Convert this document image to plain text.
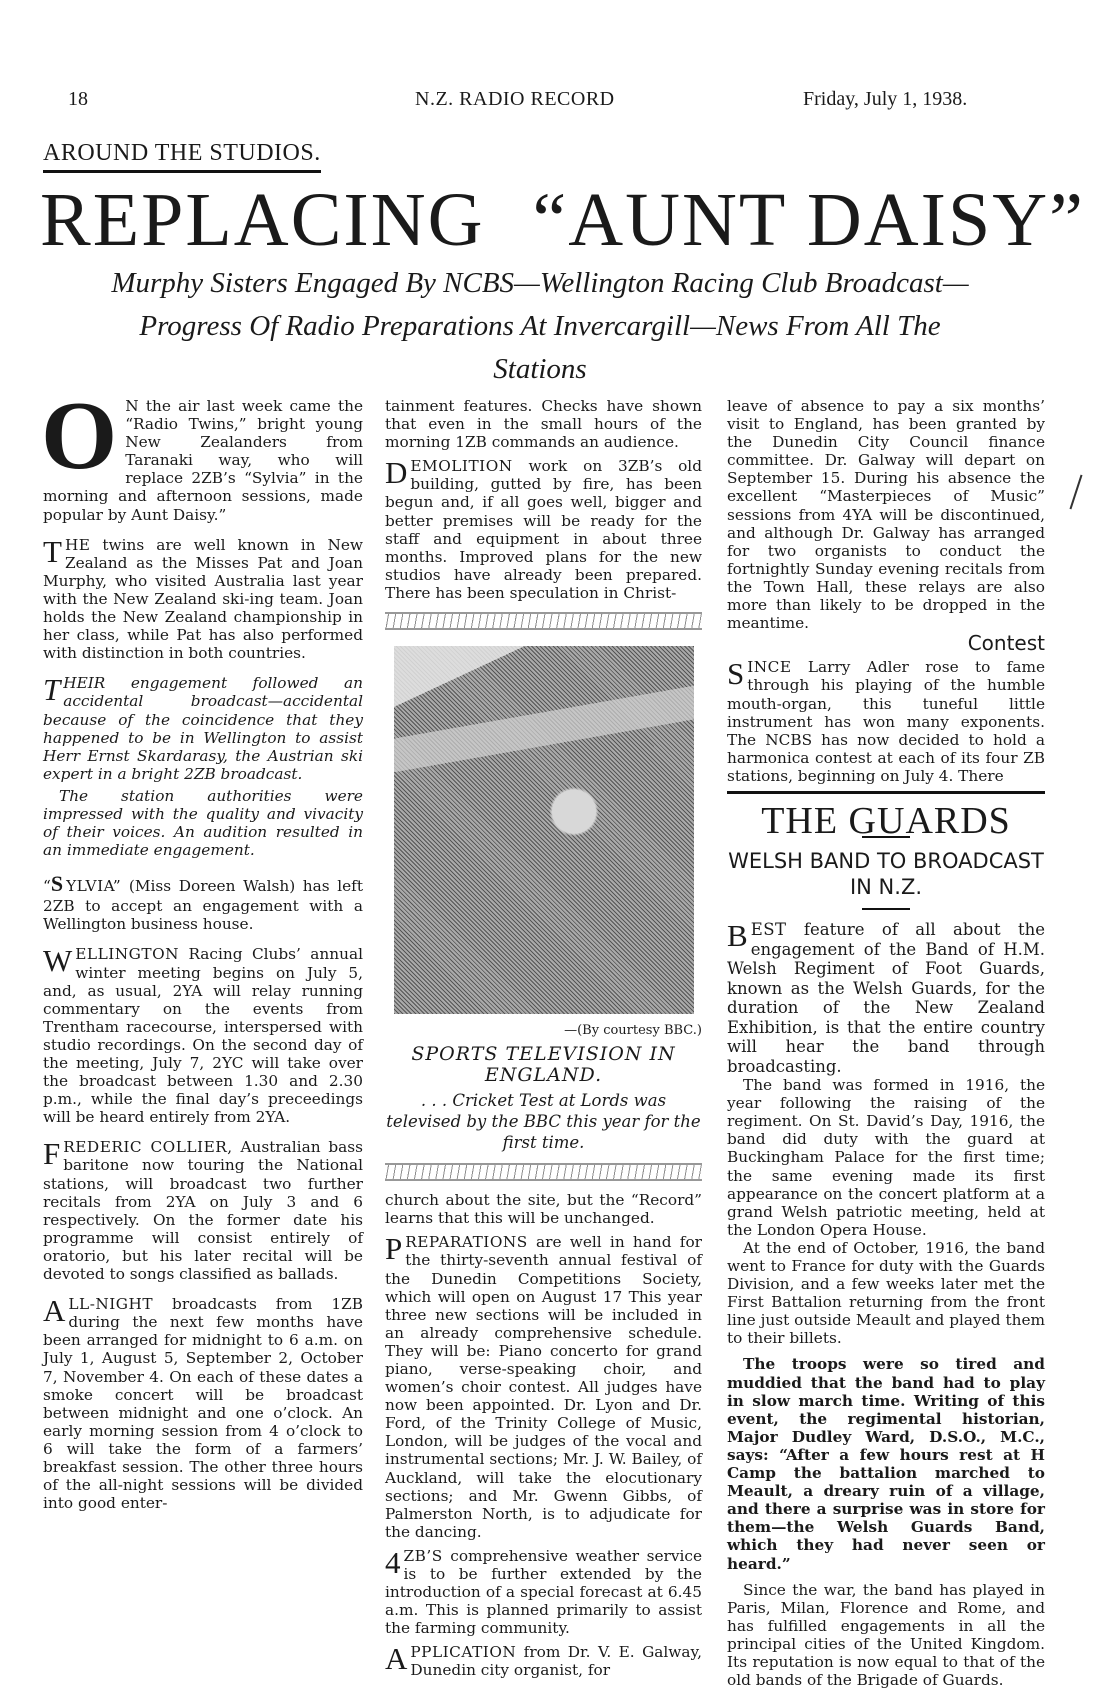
18	N.Z. RADIO RECORD	Friday, July 1, 1938.
AROUND THE STUDIOS.
REPLACING “AUNT DAISY”
Murphy Sisters Engaged By NCBS—Wellington Racing Club Broadcast—Progress Of Radio Preparations At Invercargill—News From All The Stations

O N the air last week came the “Radio Twins,” bright young New Zealanders from Taranaki way, who will replace 2ZB’s “Sylvia” in the morning and afternoon sessions, made popular by Aunt Daisy.”

THE twins are well known in New Zealand as the Misses Pat and Joan Murphy, who visited Australia last year with the New Zealand ski-ing team. Joan holds the New Zealand championship in her class, while Pat has also performed with distinction in both countries.

THEIR engagement followed an accidental broadcast—accidental because of the coincidence that they happened to be in Wellington to assist Herr Ernst Skardarasy, the Austrian ski expert in a bright 2ZB broadcast.

The station authorities were impressed with the quality and vivacity of their voices. An audition resulted in an immediate engagement.

“S YLVIA” (Miss Doreen Walsh) has left 2ZB to accept an engagement with a Wellington business house.

WELLINGTON Racing Clubs’ annual winter meeting begins on July 5, and, as usual, 2YA will relay running commentary on the events from Trentham racecourse, interspersed with studio recordings. On the second day of the meeting, July 7, 2YC will take over the broadcast between 1.30 and 2.30 p.m., while the final day’s preceedings will be heard entirely from 2YA.

FREDERIC COLLIER, Australian bass baritone now touring the National stations, will broadcast two further recitals from 2YA on July 3 and 6 respectively. On the former date his programme will consist entirely of oratorio, but his later recital will be devoted to songs classified as ballads.

ALL-NIGHT broadcasts from 1ZB during the next few months have been arranged for midnight to 6 a.m. on July 1, August 5, September 2, October 7, November 4. On each of these dates a smoke concert will be broadcast between midnight and one o’clock. An early morning session from 4 o’clock to 6 will take the form of a farmers’ breakfast session. The other three hours of the all-night sessions will be divided into good enter-

tainment features. Checks have shown that even in the small hours of the morning 1ZB commands an audience.

DEMOLITION work on 3ZB’s old building, gutted by fire, has been begun and, if all goes well, bigger and better premises will be ready for the staff and equipment in about three months. Improved plans for the new studios have already been prepared. There has been speculation in Christ-

—(By courtesy BBC.)
SPORTS TELEVISION IN ENGLAND.
. . . Cricket Test at Lords was televised by the BBC this year for the first time.

church about the site, but the “Record” learns that this will be unchanged.

PREPARATIONS are well in hand for the thirty-seventh annual festival of the Dunedin Competitions Society, which will open on August 17 This year three new sections will be included in an already comprehensive schedule. They will be: Piano concerto for grand piano, verse-speaking choir, and women’s choir contest. All judges have now been appointed. Dr. Lyon and Dr. Ford, of the Trinity College of Music, London, will be judges of the vocal and instrumental sections; Mr. J. W. Bailey, of Auckland, will take the elocutionary sections; and Mr. Gwenn Gibbs, of Palmerston North, is to adjudicate for the dancing.

4 ZB’S comprehensive weather service is to be further extended by the introduction of a special forecast at 6.45 a.m. This is planned primarily to assist the farming community.

APPLICATION from Dr. V. E. Galway, Dunedin city organist, for

leave of absence to pay a six months’ visit to England, has been granted by the Dunedin City Council finance committee. Dr. Galway will depart on September 15. During his absence the excellent “Masterpieces of Music” sessions from 4YA will be discontinued, and although Dr. Galway has arranged for two organists to conduct the fortnightly Sunday evening recitals from the Town Hall, these relays are also more than likely to be dropped in the meantime.

Contest

SINCE Larry Adler rose to fame through his playing of the humble mouth-organ, this tuneful little instrument has won many exponents. The NCBS has now decided to hold a harmonica contest at each of its four ZB stations, beginning on July 4. There

THE GUARDS
WELSH BAND TO BROADCAST IN N.Z.

BEST feature of all about the engagement of the Band of H.M. Welsh Regiment of Foot Guards, known as the Welsh Guards, for the duration of the New Zealand Exhibition, is that the entire country will hear the band through broadcasting.

The band was formed in 1916, the year following the raising of the regiment. On St. David’s Day, 1916, the band did duty with the guard at Buckingham Palace for the first time; the same evening made its first appearance on the concert platform at a grand Welsh patriotic meeting, held at the London Opera House.

At the end of October, 1916, the band went to France for duty with the Guards Division, and a few weeks later met the First Battalion returning from the front line just outside Meault and played them to their billets.

The troops were so tired and muddied that the band had to play in slow march time. Writing of this event, the regimental historian, Major Dudley Ward, D.S.O., M.C., says: “After a few hours rest at H Camp the battalion marched to Meault, a dreary ruin of a village, and there a surprise was in store for them—the Welsh Guards Band, which they had never seen or heard.”

Since the war, the band has played in Paris, Milan, Florence and Rome, and has fulfilled engagements in all the principal cities of the United Kingdom. Its reputation is now equal to that of the old bands of the Brigade of Guards.
